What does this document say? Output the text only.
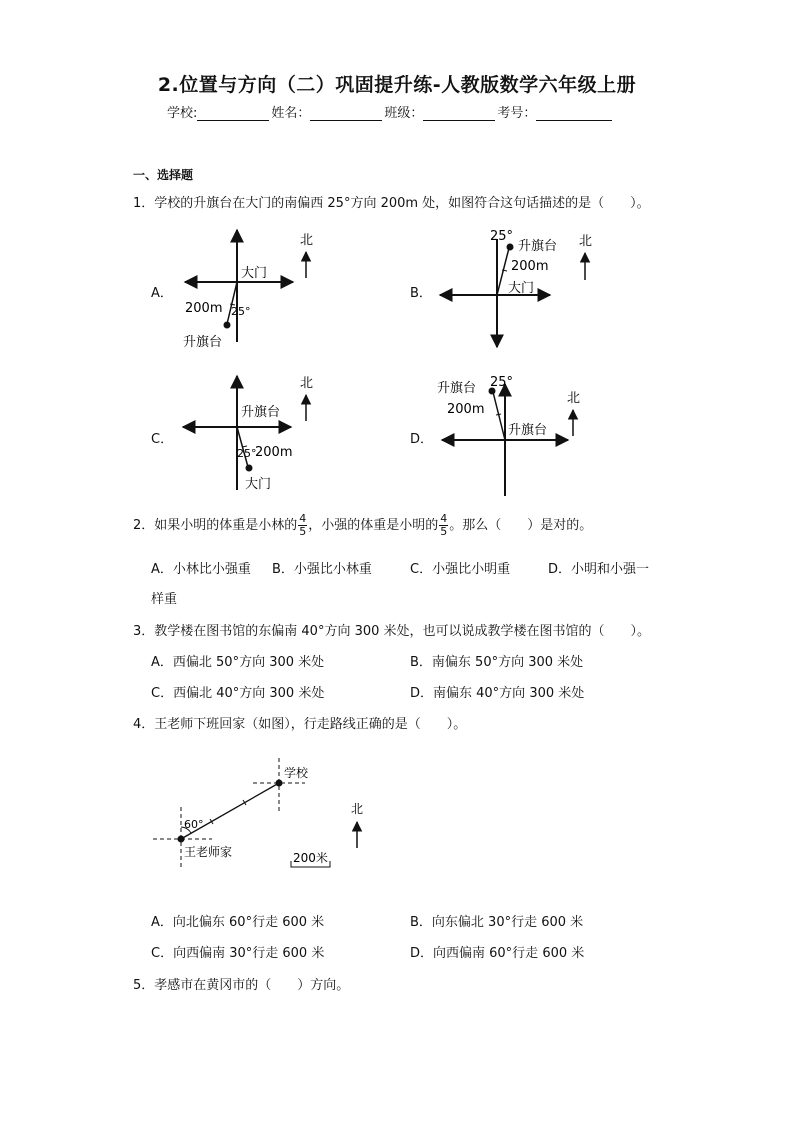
2.位置与方向（二）巩固提升练-人教版数学六年级上册
学校:	姓名：	班级：	考号：
一、选择题
1．学校的升旗台在大门的南偏西 25°方向 200m 处，如图符合这句话描述的是（　　）。
A．
大门
200m 25°
升旗台
北
B．
25°
升旗台
200m
大门
北
C．
升旗台
25°
200m
大门
北
D．
升旗台 25°
200m
升旗台
北
2．如果小明的体重是小林的 $\frac{4}{5}$ ，小强的体重是小明的 $\frac{4}{5}$ 。那么（　　）是对的。
A．小林比小强重 B．小强比小林重	C．小强比小明重	D．小明和小强一
样重
3．教学楼在图书馆的东偏南 40°方向 300 米处，也可以说成教学楼在图书馆的（　　）。
A．西偏北 50°方向 300 米处	B．南偏东 50°方向 300 米处
C．西偏北 40°方向 300 米处	D．南偏东 40°方向 300 米处
4．王老师下班回家（如图），行走路线正确的是（　　）。
60°
学校
王老师家
北
200米
A．向北偏东 60°行走 600 米	B．向东偏北 30°行走 600 米
C．向西偏南 30°行走 600 米	D．向西偏南 60°行走 600 米
5．孝感市在黄冈市的（　　）方向。
